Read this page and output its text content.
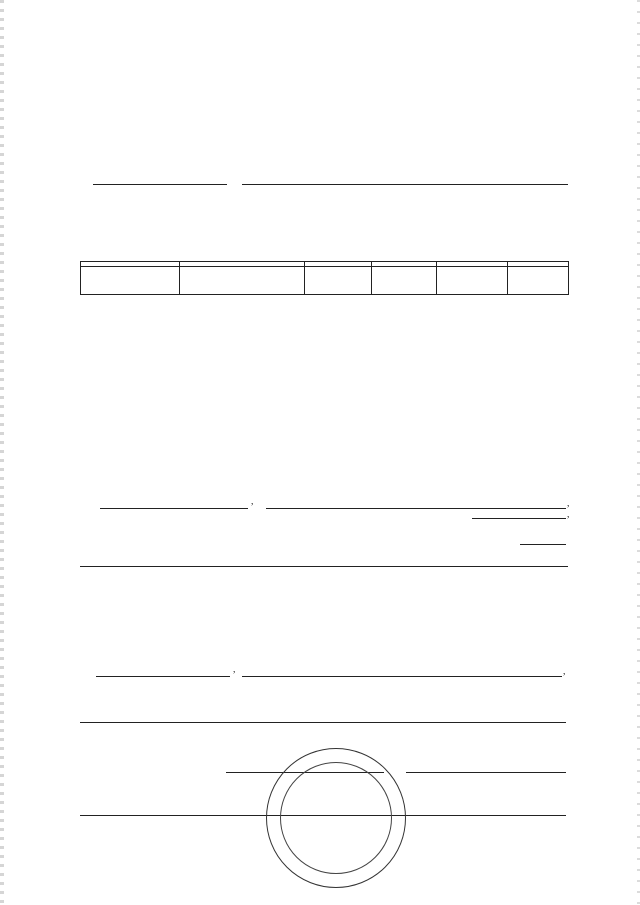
,	,
,
,	,
